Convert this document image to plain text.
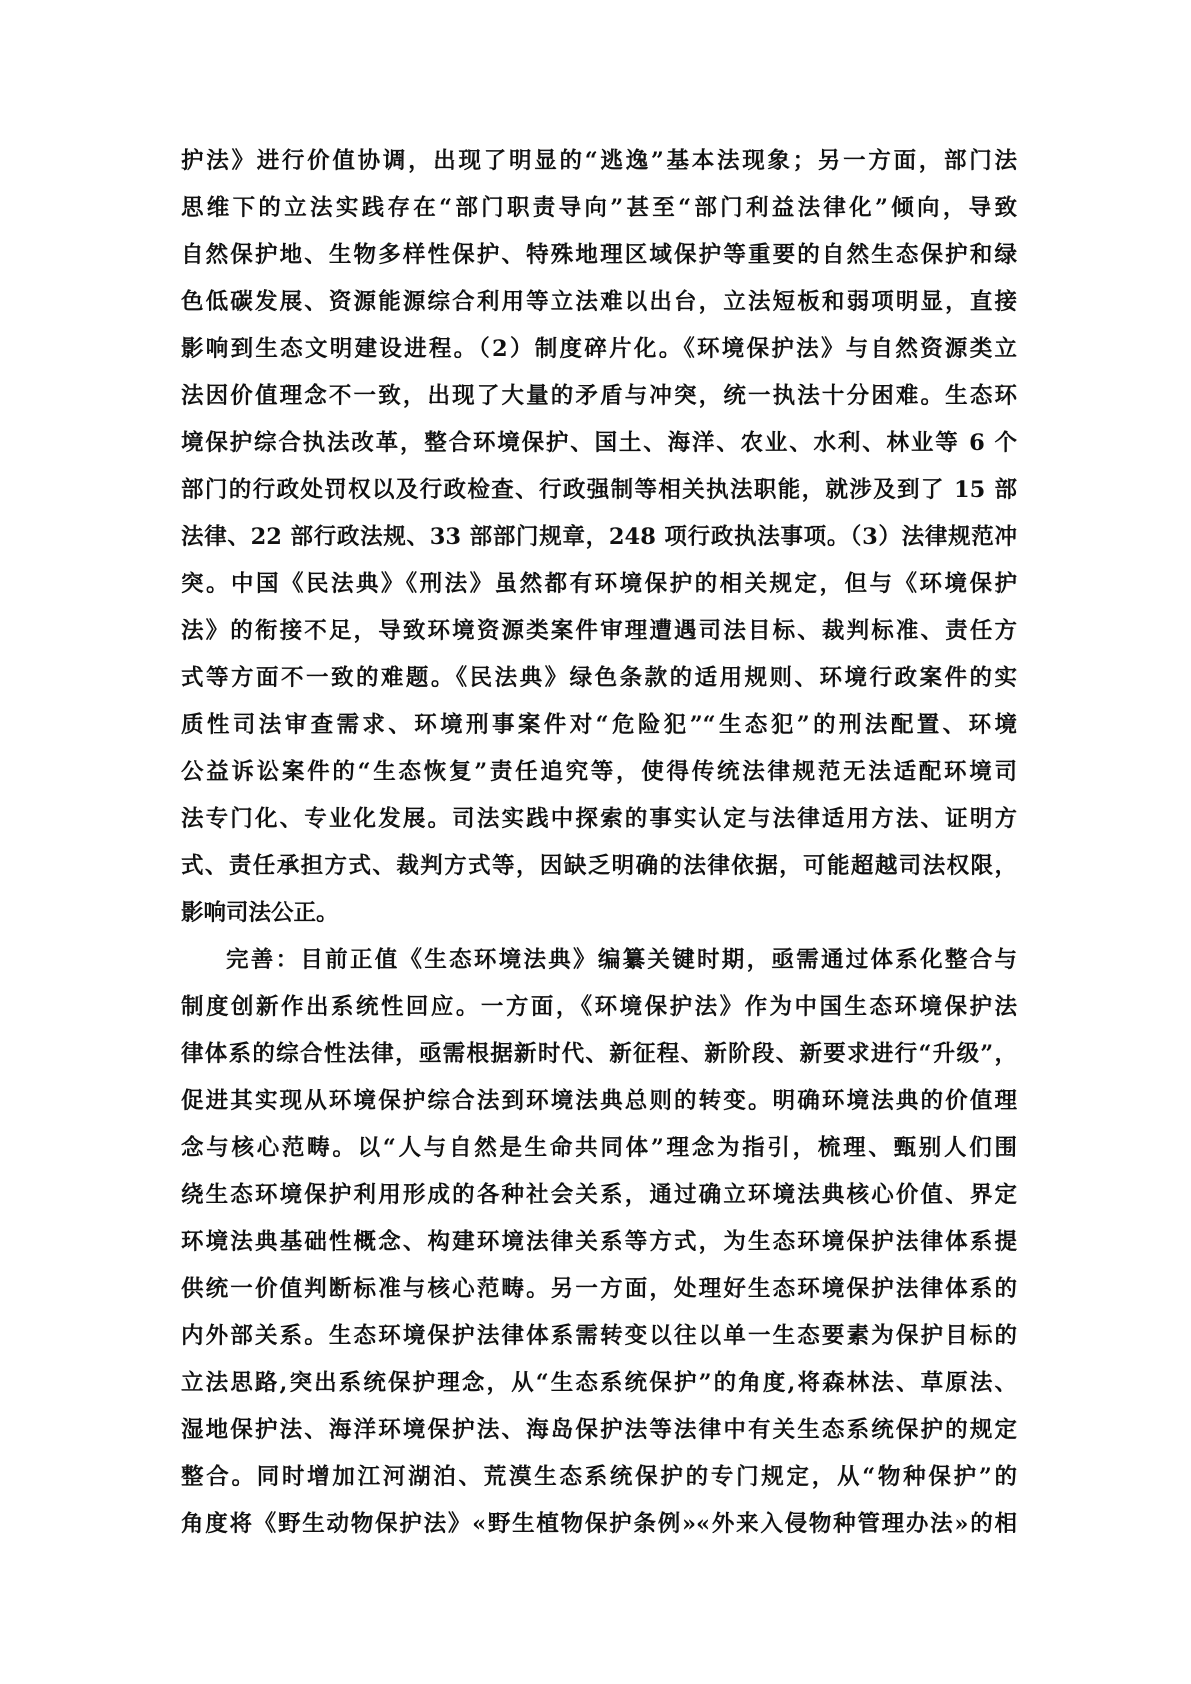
护法》进行价值协调，出现了明显的“逃逸”基本法现象；另一方面，部门法
思维下的立法实践存在“部门职责导向”甚至“部门利益法律化”倾向，导致
自然保护地、生物多样性保护、特殊地理区域保护等重要的自然生态保护和绿
色低碳发展、资源能源综合利用等立法难以出台，立法短板和弱项明显，直接
影响到生态文明建设进程。（2）制度碎片化。《环境保护法》与自然资源类立
法因价值理念不一致，出现了大量的矛盾与冲突，统一执法十分困难。生态环
境保护综合执法改革，整合环境保护、国土、海洋、农业、水利、林业等 6 个
部门的行政处罚权以及行政检查、行政强制等相关执法职能，就涉及到了 15 部
法律、22 部行政法规、33 部部门规章，248 项行政执法事项。（3）法律规范冲
突。中国《民法典》《刑法》虽然都有环境保护的相关规定，但与《环境保护
法》的衔接不足，导致环境资源类案件审理遭遇司法目标、裁判标准、责任方
式等方面不一致的难题。《民法典》绿色条款的适用规则、环境行政案件的实
质性司法审查需求、环境刑事案件对“危险犯”“生态犯”的刑法配置、环境
公益诉讼案件的“生态恢复”责任追究等，使得传统法律规范无法适配环境司
法专门化、专业化发展。司法实践中探索的事实认定与法律适用方法、证明方
式、责任承担方式、裁判方式等，因缺乏明确的法律依据，可能超越司法权限，
影响司法公正。
完善：目前正值《生态环境法典》编纂关键时期，亟需通过体系化整合与
制度创新作出系统性回应。一方面，《环境保护法》作为中国生态环境保护法
律体系的综合性法律，亟需根据新时代、新征程、新阶段、新要求进行“升级”，
促进其实现从环境保护综合法到环境法典总则的转变。明确环境法典的价值理
念与核心范畴。以“人与自然是生命共同体”理念为指引，梳理、甄别人们围
绕生态环境保护利用形成的各种社会关系，通过确立环境法典核心价值、界定
环境法典基础性概念、构建环境法律关系等方式，为生态环境保护法律体系提
供统一价值判断标准与核心范畴。另一方面，处理好生态环境保护法律体系的
内外部关系。生态环境保护法律体系需转变以往以单一生态要素为保护目标的
立法思路,突出系统保护理念，从“生态系统保护”的角度,将森林法、草原法、
湿地保护法、海洋环境保护法、海岛保护法等法律中有关生态系统保护的规定
整合。同时增加江河湖泊、荒漠生态系统保护的专门规定，从“物种保护”的
角度将《野生动物保护法》«野生植物保护条例»«外来入侵物种管理办法»的相
